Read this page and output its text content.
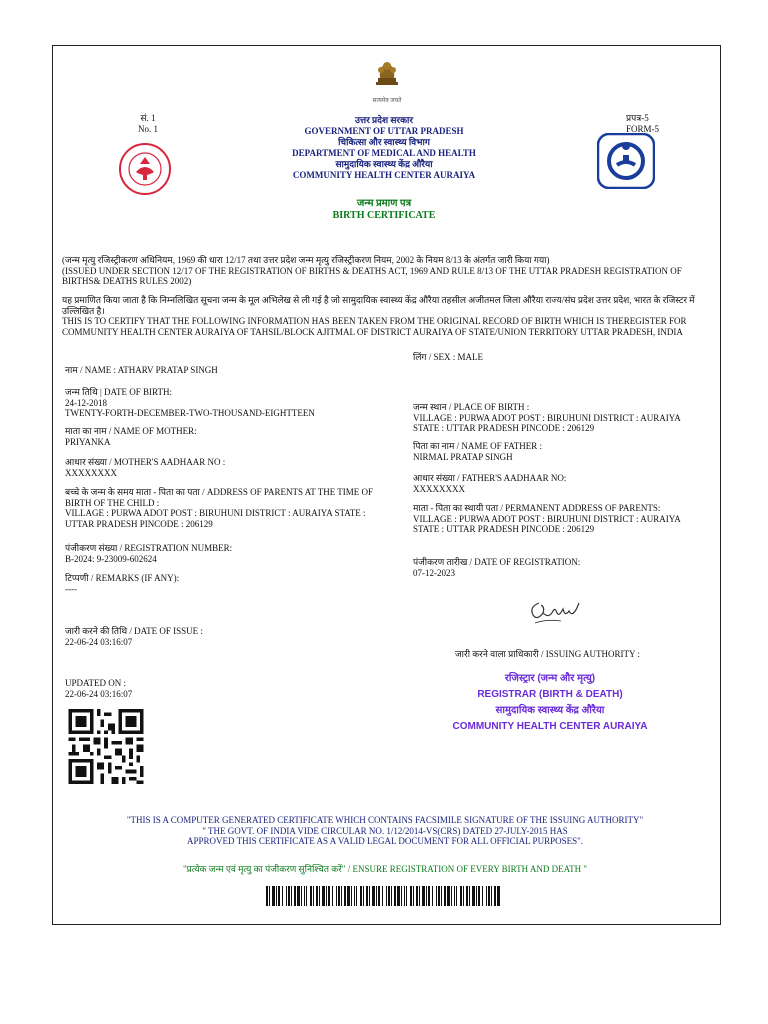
सत्यमेव जयते
सं. 1
No. 1
प्रपत्र-5
FORM-5
उत्तर प्रदेश सरकार
GOVERNMENT OF UTTAR PRADESH
चिकित्सा और स्वास्थ्य विभाग
DEPARTMENT OF MEDICAL AND HEALTH
सामुदायिक स्वास्थ्य केंद्र औरैया
COMMUNITY HEALTH CENTER AURAIYA
जन्म प्रमाण पत्र
BIRTH CERTIFICATE
(जन्म मृत्यु रजिस्ट्रीकरण अधिनियम, 1969 की धारा 12/17 तथा उत्तर प्रदेश जन्म मृत्यु रजिस्ट्रीकरण नियम, 2002 के नियम 8/13 के अंतर्गत जारी किया गया)
(ISSUED UNDER SECTION 12/17 OF THE REGISTRATION OF BIRTHS & DEATHS ACT, 1969 AND RULE 8/13 OF THE UTTAR PRADESH REGISTRATION OF BIRTHS& DEATHS RULES 2002)
यह प्रमाणित किया जाता है कि निम्नलिखित सूचना जन्म के मूल अभिलेख से ली गई है जो सामुदायिक स्वास्थ्य केंद्र औरैया तहसील अजीतमल जिला औरैया राज्य/संघ प्रदेश उत्तर प्रदेश, भारत के रजिस्टर में उल्लिखित है।
THIS IS TO CERTIFY THAT THE FOLLOWING INFORMATION HAS BEEN TAKEN FROM THE ORIGINAL RECORD OF BIRTH WHICH IS THEREGISTER FOR COMMUNITY HEALTH CENTER AURAIYA OF TAHSIL/BLOCK AJITMAL OF DISTRICT AURAIYA OF STATE/UNION TERRITORY UTTAR PRADESH, INDIA
नाम / NAME : ATHARV PRATAP SINGH
जन्म तिथि | DATE OF BIRTH:
24-12-2018
TWENTY-FORTH-DECEMBER-TWO-THOUSAND-EIGHTTEEN
माता का नाम / NAME OF MOTHER:
PRIYANKA
आधार संख्या / MOTHER'S AADHAAR NO :
XXXXXXXX
बच्चे के जन्म के समय माता - पिता का पता / ADDRESS OF PARENTS AT THE TIME OF BIRTH OF THE CHILD :
VILLAGE : PURWA ADOT POST : BIRUHUNI DISTRICT : AURAIYA STATE :
UTTAR PRADESH PINCODE : 206129
पंजीकरण संख्या / REGISTRATION NUMBER:
B-2024: 9-23009-602624
टिप्पणी / REMARKS (IF ANY):
----
जारी करने की तिथि / DATE OF ISSUE :
22-06-24 03:16:07
UPDATED ON :
22-06-24 03:16:07
लिंग / SEX : MALE
जन्म स्थान / PLACE OF BIRTH :
VILLAGE : PURWA ADOT POST : BIRUHUNI DISTRICT : AURAIYA
STATE : UTTAR PRADESH PINCODE : 206129
पिता का नाम / NAME OF FATHER :
NIRMAL PRATAP SINGH
आधार संख्या / FATHER'S AADHAAR NO:
XXXXXXXX
माता - पिता का स्थायी पता / PERMANENT ADDRESS OF PARENTS:
VILLAGE : PURWA ADOT POST : BIRUHUNI DISTRICT : AURAIYA
STATE : UTTAR PRADESH PINCODE : 206129
पंजीकरण तारीख / DATE OF REGISTRATION:
07-12-2023
जारी करने वाला प्राधिकारी / ISSUING AUTHORITY :
रजिस्ट्रार (जन्म और मृत्यु)
REGISTRAR (BIRTH & DEATH)
सामुदायिक स्वास्थ्य केंद्र औरैया
COMMUNITY HEALTH CENTER AURAIYA
"THIS IS A COMPUTER GENERATED CERTIFICATE WHICH CONTAINS FACSIMILE SIGNATURE OF THE ISSUING AUTHORITY"
" THE GOVT. OF INDIA VIDE CIRCULAR NO. 1/12/2014-VS(CRS) DATED 27-JULY-2015 HAS
APPROVED THIS CERTIFICATE AS A VALID LEGAL DOCUMENT FOR ALL OFFICIAL PURPOSES".
"प्रत्येक जन्म एवं मृत्यु का पंजीकरण सुनिश्चित करें" / ENSURE REGISTRATION OF EVERY BIRTH AND DEATH "
